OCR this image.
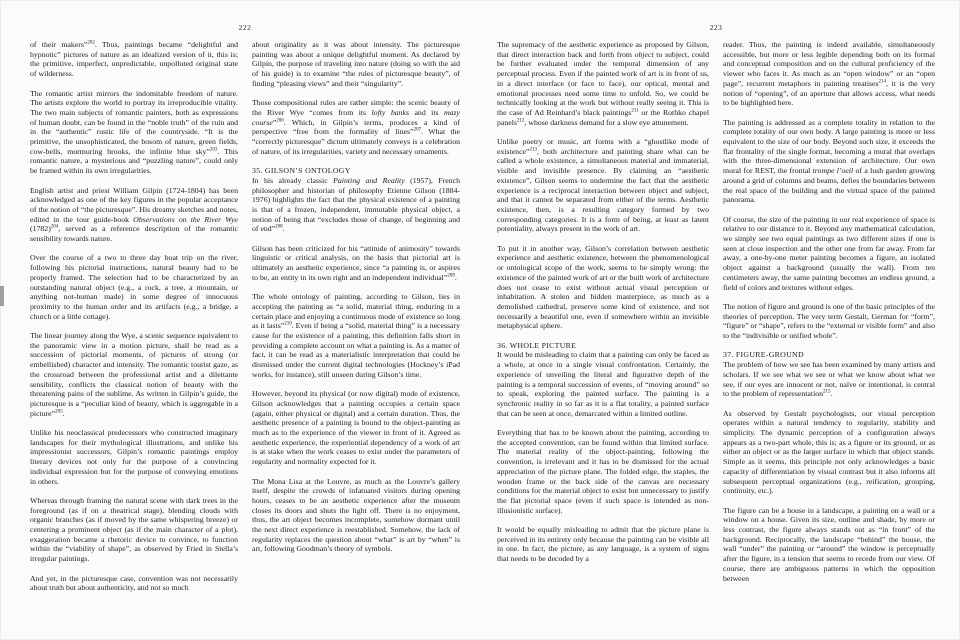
222

of their makers”$^{202}$. Thus, paintings became “delightful and hypnotic” pictures of nature as an idealized version of it, this is; the primitive, imperfect, unpredictable, unpolluted original state of wilderness.

The romantic artist mirrors the indomitable freedom of nature. The artists explore the world to portray its irreproducible vitality. The two main subjects of romantic painters, both as expressions of human doubt, can be found in the “noble truth” of the ruin and in the “authentic” rustic life of the countryside. “It is the primitive, the unsophisticated, the bosom of nature, green fields, cow-bells, murmuring brooks, the infinite blue sky”$^{203}$. This romantic nature, a mysterious and “puzzling nature”, could only be framed within its own irregularities.

English artist and priest William Gilpin (1724-1804) has been acknowledged as one of the key figures in the popular acceptance of the notion of “the picturesque”. His dreamy sketches and notes, edited in the tour guide-book Observations on the River Wye $(1782)^{204}$, served as a reference description of the romantic sensibility towards nature.

Over the course of a two to three day boat trip on the river, following his pictorial instructions, natural beauty had to be properly framed. The selection had to be characterized by an outstanding natural object (e.g., a rock, a tree, a mountain, or anything not-human made) in some degree of innocuous proximity to the human order and its artifacts (e.g., a bridge, a church or a little cottage).

The linear journey along the Wye, a scenic sequence equivalent to the panoramic view in a motion picture, shall be read as a succession of pictorial moments, of pictures of strong (or embellished) character and intensity. The romantic tourist gaze, as the crossroad between the professional artist and a dilettante sensibility, conflicts the classical notion of beauty with the threatening pains of the sublime. As written in Gilpin’s guide, the picturesque is a “peculiar kind of beauty, which is aggregable in a picture”$^{205}$.

Unlike his neoclassical predecessors who constructed imaginary landscapes for their mythological illustrations, and unlike his impressionist successors, Gilpin’s romantic paintings employ literary devices not only for the purpose of a convincing individual expression but for the purpose of conveying emotions in others.

Whereas through framing the natural scene with dark trees in the foreground (as if on a theatrical stage), blending clouds with organic branches (as if moved by the same whispering breeze) or centering a prominent object (as if the main character of a plot), exaggeration became a rhetoric device to convince, to function within the “viability of shape”, as observed by Fried in Stella’s irregular paintings.

And yet, in the picturesque case, convention was not necessarily about truth but about authenticity, and not so much

about originality as it was about intensity. The picturesque painting was about a unique delightful moment. As declared by Gilpin, the purpose of traveling into nature (doing so with the aid of his guide) is to examine “the rules of picturesque beauty”, of finding “pleasing views” and their “singularity”.

Those compositional rules are rather simple: the scenic beauty of the River Wye “comes from its lofty banks and its mazy course”$^{206}$. Which, in Gilpin’s terms, produces a kind of perspective “free from the formality of lines”$^{207}$. What the “correctly picturesque” dictum ultimately conveys is a celebration of nature, of its irregularities, variety and necessary ornaments.

35. GILSON’S ONTOLOGY

In his already classic Painting and Reality (1957), French philosopher and historian of philosophy Etienne Gilson (1884-1976) highlights the fact that the physical existence of a painting is that of a frozen, independent, immutable physical object, a notion of being that “excludes those of change, of beginning and of end”$^{208}$.

Gilson has been criticized for his “attitude of animosity” towards linguistic or critical analysis, on the basis that pictorial art is ultimately an aesthetic experience, since “a painting is, or aspires to be, an entity in its own right and an independent individual”$^{209}$.

The whole ontology of painting, according to Gilson, lies in accepting the painting as “a solid, material thing, enduring in a certain place and enjoying a continuous mode of existence so long as it lasts”$^{210}$. Even if being a “solid, material thing” is a necessary cause for the existence of a painting, this definition falls short in providing a complete account on what a painting is. As a matter of fact, it can be read as a materialistic interpretation that could be dismissed under the current digital technologies (Hockney’s iPad works, for instance), still unseen during Gilson’s time.

However, beyond its physical (or now digital) mode of existence, Gilson acknowledges that a painting occupies a certain space (again, either physical or digital) and a certain duration. Thus, the aesthetic presence of a painting is bound to the object-painting as much as to the experience of the viewer in front of it. Agreed as aesthetic experience, the experiential dependency of a work of art is at stake when the work ceases to exist under the parameters of regularity and normality expected for it.

The Mona Lisa at the Louvre, as much as the Louvre’s gallery itself, despite the crowds of infatuated visitors during opening hours, ceases to be an aesthetic experience after the museum closes its doors and shuts the light off. There is no enjoyment, thus, the art object becomes incomplete, somehow dormant until the next direct experience is reestablished. Somehow, the lack of regularity replaces the question about “what” is art by “when” is art, following Goodman’s theory of symbols.

223

The supremacy of the aesthetic experience as proposed by Gilson, that direct interaction back and forth from object to subject, could be further evaluated under the temporal dimension of any perceptual process. Even if the painted work of art is in front of us, in a direct interface (or face to face), our optical, mental and emotional processes need some time to unfold. So, we could be technically looking at the work but without really seeing it. This is the case of Ad Reinhard’s black paintings$^{211}$ or the Rothko chapel panels$^{212}$, whose darkness demand for a slow eye attunement.

Unlike poetry or music, art forms with a “ghostlike mode of existence”$^{213}$, both architecture and painting share what can be called a whole existence, a simultaneous material and immaterial, visible and invisible presence. By claiming an “aesthetic existence”, Gilson seems to undermine the fact that the aesthetic experience is a reciprocal interaction between object and subject, and that it cannot be separated from either of the terms. Aesthetic existence, then, is a resulting category formed by two corresponding categories. It is a form of being, at least as latent potentiality, always present in the work of art.

To put it in another way, Gilson’s correlation between aesthetic experience and aesthetic existence, between the phenomenological or ontological scope of the work, seems to be simply wrong: the existence of the painted work of art or the built work of architecture does not cease to exist without actual visual perception or inhabitation. A stolen and hidden masterpiece, as much as a demolished cathedral, preserve some kind of existence, and not necessarily a beautiful one, even if somewhere within an invisible metaphysical sphere.

36. WHOLE PICTURE

It would be misleading to claim that a painting can only be faced as a whole, at once in a single visual confrontation. Certainly, the experience of unveiling the literal and figurative depth of the painting is a temporal succession of events, of “moving around” so to speak, exploring the painted surface. The painting is a synchronic reality in so far as it is a flat totality, a painted surface that can be seen at once, demarcated within a limited outline.

Everything that has to be known about the painting, according to the accepted convention, can be found within that limited surface. The material reality of the object-painting, following the convention, is irrelevant and it has to be dismissed for the actual appreciation of the picture plane. The folded edge, the staples, the wooden frame or the back side of the canvas are necessary conditions for the material object to exist but unnecessary to justify the flat pictorial space (even if such space is intended as non-illusionistic surface).

It would be equally misleading to admit that the picture plane is perceived in its entirety only because the painting can be visible all in one. In fact, the picture, as any language, is a system of signs that needs to be decoded by a

reader. Thus, the painting is indeed available, simultaneously accessible, but more or less legible depending both on its formal and conceptual composition and on the cultural proficiency of the viewer who faces it. As much as an “open window” or an “open page”, recurrent metaphors in painting treatises$^{214}$, it is the very notion of “opening”, of an aperture that allows access, what needs to be highlighted here.

The painting is addressed as a complete totality in relation to the complete totality of our own body. A large painting is more or less equivalent to the size of our body. Beyond such size, it exceeds the flat frontality of the single format, becoming a mural that overlaps with the three-dimensional extension of architecture. Our own mural for REST, the frontal trompe l’oeil of a lush garden growing around a grid of columns and beams, defies the boundaries between the real space of the building and the virtual space of the painted panorama.

Of course, the size of the painting in our real experience of space is relative to our distance to it. Beyond any mathematical calculation, we simply see two equal paintings as two different sizes if one is seen at close inspection and the other one from far away. From far away, a one-by-one meter painting becomes a figure, an isolated object against a background (usually the wall). From ten centimeters away, the same painting becomes an endless ground, a field of colors and textures without edges.

The notion of figure and ground is one of the basic principles of the theories of perception. The very term Gestalt, German for “form”, “figure” or “shape”, refers to the “external or visible form” and also to the “indivisible or unified whole”.

37. FIGURE-GROUND

The problem of how we see has been examined by many artists and scholars. If we see what we see or what we know about what we see, if our eyes are innocent or not, naïve or intentional, is central to the problem of representation$^{215}$.

As observed by Gestalt psychologists, our visual perception operates within a natural tendency to regularity, stability and simplicity. The dynamic perception of a configuration always appears as a two-part whole, this is; as a figure or its ground, or as either an object or as the larger surface in which that object stands. Simple as it seems, this principle not only acknowledges a basic capacity of differentiation by visual contrast but it also informs all subsequent perceptual organizations (e.g., reification, grouping, continuity, etc.).

The figure can be a house in a landscape, a painting on a wall or a window on a house. Given its size, outline and shade, by more or less contrast, the figure always stands out as “in front” of the background. Reciprocally, the landscape “behind” the house, the wall “under” the painting or “around” the window is perceptually after the figure, in a tension that seems to recede from our view. Of course, there are ambiguous patterns in which the opposition between
